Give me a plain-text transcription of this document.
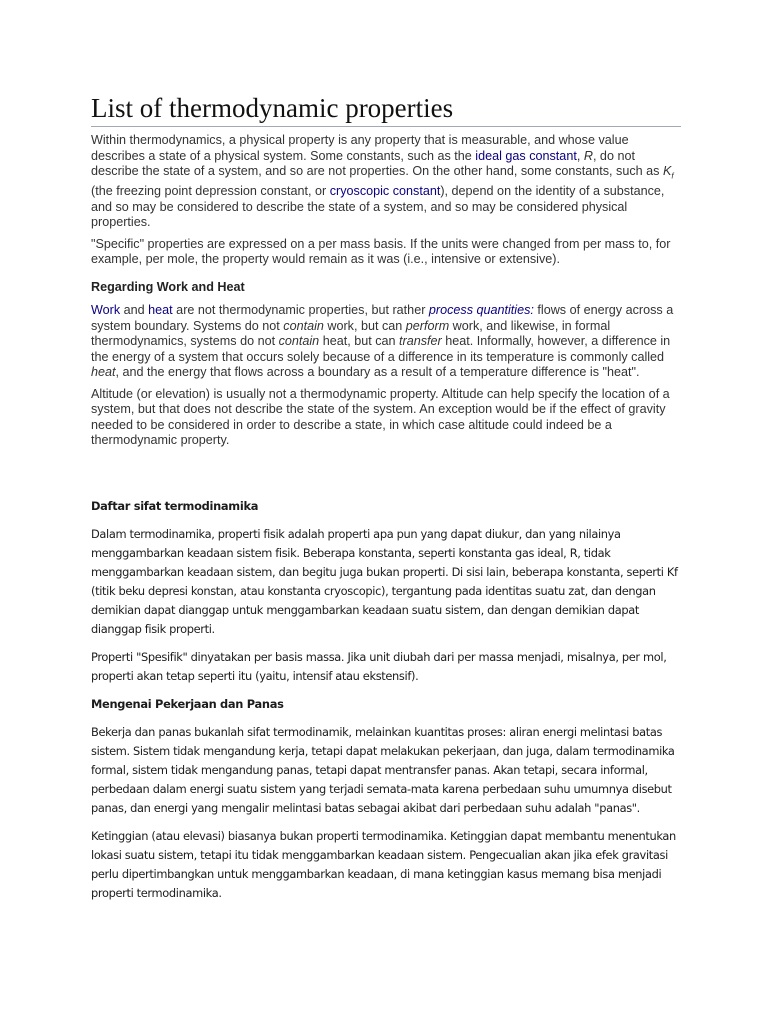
List of thermodynamic properties

Within thermodynamics, a physical property is any property that is measurable, and whose value describes a state of a physical system. Some constants, such as the ideal gas constant, R, do not describe the state of a system, and so are not properties. On the other hand, some constants, such as $K_f$ (the freezing point depression constant, or cryoscopic constant), depend on the identity of a substance, and so may be considered to describe the state of a system, and so may be considered physical properties.

"Specific" properties are expressed on a per mass basis. If the units were changed from per mass to, for example, per mole, the property would remain as it was (i.e., intensive or extensive).

Regarding Work and Heat

Work and heat are not thermodynamic properties, but rather process quantities: flows of energy across a system boundary. Systems do not contain work, but can perform work, and likewise, in formal thermodynamics, systems do not contain heat, but can transfer heat. Informally, however, a difference in the energy of a system that occurs solely because of a difference in its temperature is commonly called heat, and the energy that flows across a boundary as a result of a temperature difference is "heat".

Altitude (or elevation) is usually not a thermodynamic property. Altitude can help specify the location of a system, but that does not describe the state of the system. An exception would be if the effect of gravity needed to be considered in order to describe a state, in which case altitude could indeed be a thermodynamic property.

Daftar sifat termodinamika

Dalam termodinamika, properti fisik adalah properti apa pun yang dapat diukur, dan yang nilainya menggambarkan keadaan sistem fisik. Beberapa konstanta, seperti konstanta gas ideal, R, tidak menggambarkan keadaan sistem, dan begitu juga bukan properti. Di sisi lain, beberapa konstanta, seperti Kf (titik beku depresi konstan, atau konstanta cryoscopic), tergantung pada identitas suatu zat, dan dengan demikian dapat dianggap untuk menggambarkan keadaan suatu sistem, dan dengan demikian dapat dianggap fisik properti.

Properti "Spesifik" dinyatakan per basis massa. Jika unit diubah dari per massa menjadi, misalnya, per mol, properti akan tetap seperti itu (yaitu, intensif atau ekstensif).

Mengenai Pekerjaan dan Panas

Bekerja dan panas bukanlah sifat termodinamik, melainkan kuantitas proses: aliran energi melintasi batas sistem. Sistem tidak mengandung kerja, tetapi dapat melakukan pekerjaan, dan juga, dalam termodinamika formal, sistem tidak mengandung panas, tetapi dapat mentransfer panas. Akan tetapi, secara informal, perbedaan dalam energi suatu sistem yang terjadi semata-mata karena perbedaan suhu umumnya disebut panas, dan energi yang mengalir melintasi batas sebagai akibat dari perbedaan suhu adalah "panas".

Ketinggian (atau elevasi) biasanya bukan properti termodinamika. Ketinggian dapat membantu menentukan lokasi suatu sistem, tetapi itu tidak menggambarkan keadaan sistem. Pengecualian akan jika efek gravitasi perlu dipertimbangkan untuk menggambarkan keadaan, di mana ketinggian kasus memang bisa menjadi properti termodinamika.
